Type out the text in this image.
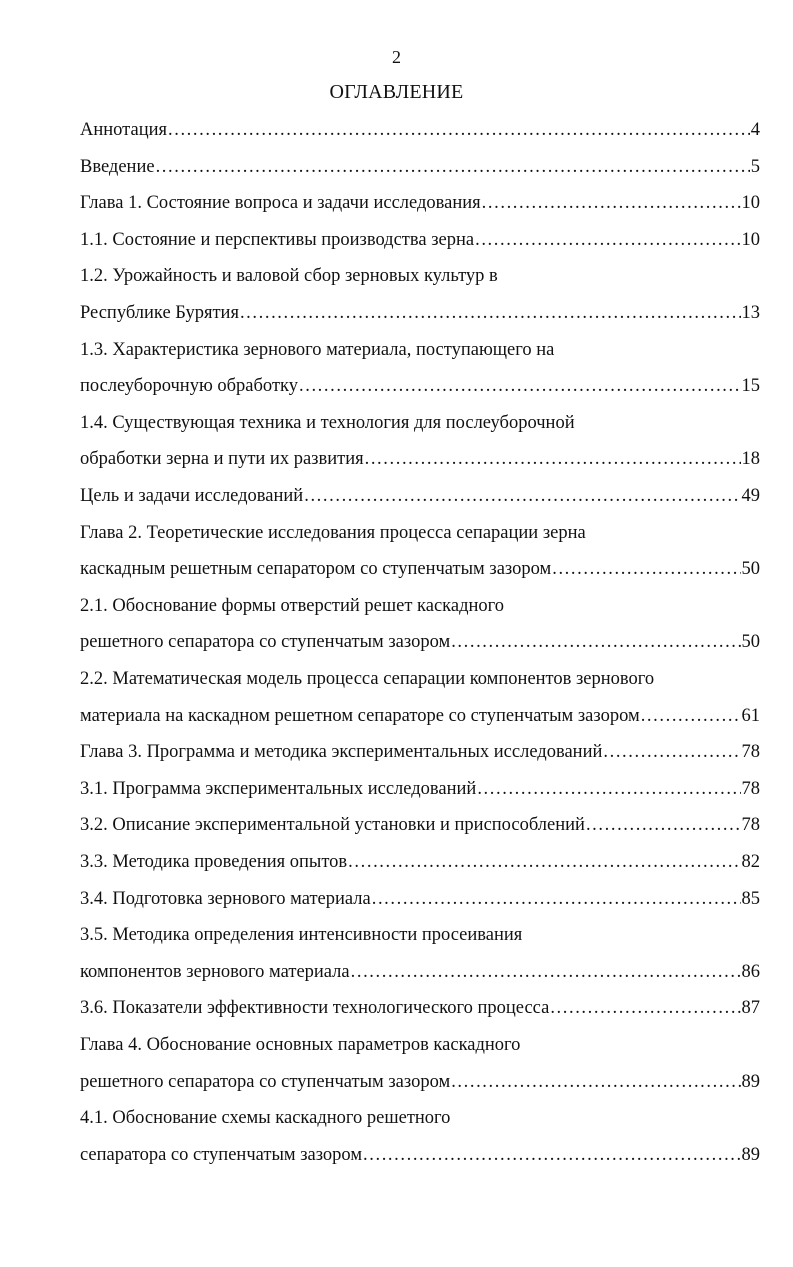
2
ОГЛАВЛЕНИЕ
Аннотация .....	4
Введение .....	5
Глава 1. Состояние вопроса и задачи исследования .....	10
1.1. Состояние и перспективы производства зерна .....	10
1.2. Урожайность и валовой сбор зерновых культур в
Республике Бурятия .....	13
1.3. Характеристика зернового материала, поступающего на
послеуборочную обработку .....	15
1.4. Существующая техника и технология для послеуборочной
обработки зерна и пути их развития .....	18
Цель и задачи исследований .....	49
Глава 2. Теоретические исследования процесса сепарации зерна
каскадным решетным сепаратором со ступенчатым зазором .....	50
2.1. Обоснование формы отверстий решет каскадного
решетного сепаратора со ступенчатым зазором .....	50
2.2. Математическая модель процесса сепарации компонентов зернового
материала на каскадном решетном сепараторе со ступенчатым зазором .....	61
Глава 3. Программа и методика экспериментальных исследований .....	78
3.1. Программа экспериментальных исследований .....	78
3.2. Описание экспериментальной установки и приспособлений .....	78
3.3. Методика проведения опытов .....	82
3.4. Подготовка зернового материала .....	85
3.5. Методика определения интенсивности просеивания
компонентов зернового материала .....	86
3.6. Показатели эффективности технологического процесса .....	87
Глава 4. Обоснование основных параметров каскадного
решетного сепаратора со ступенчатым зазором .....	89
4.1. Обоснование схемы каскадного решетного
сепаратора со ступенчатым зазором .....	89
